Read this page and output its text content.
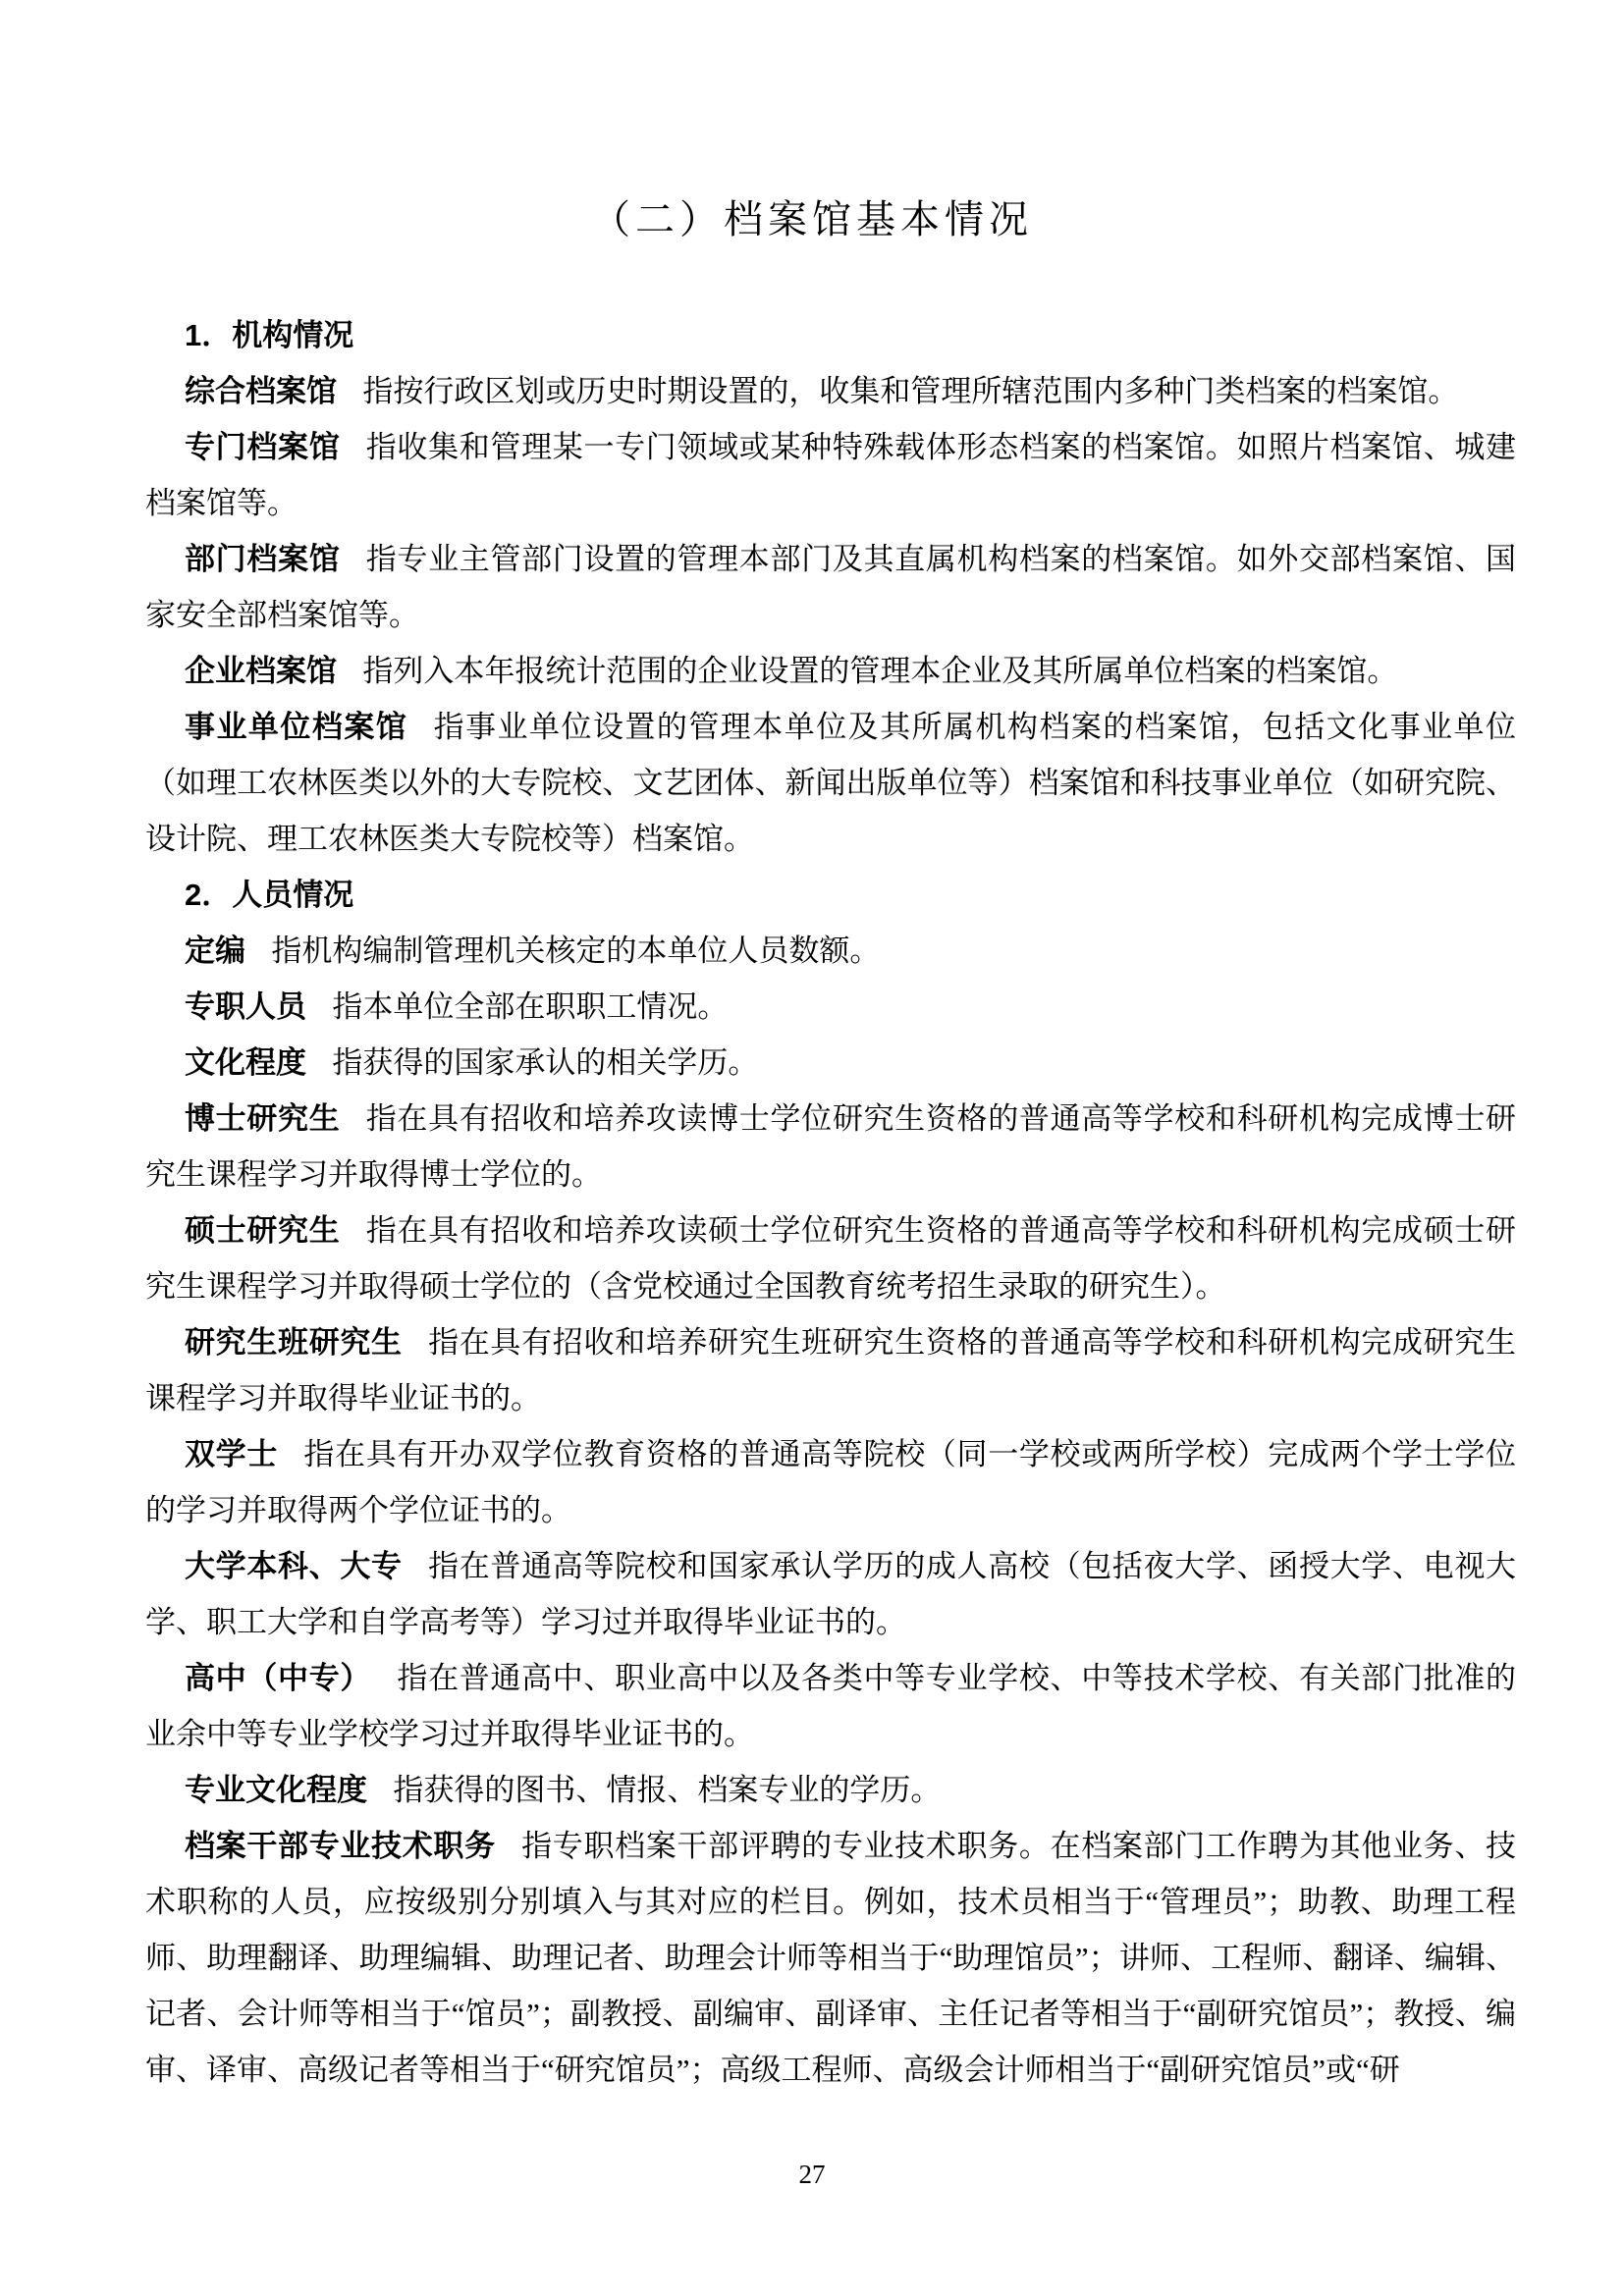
（二）档案馆基本情况
1．机构情况

综合档案馆 指按行政区划或历史时期设置的，收集和管理所辖范围内多种门类档案的档案馆。

专门档案馆 指收集和管理某一专门领域或某种特殊载体形态档案的档案馆。如照片档案馆、城建档案馆等。

部门档案馆 指专业主管部门设置的管理本部门及其直属机构档案的档案馆。如外交部档案馆、国家安全部档案馆等。

企业档案馆 指列入本年报统计范围的企业设置的管理本企业及其所属单位档案的档案馆。

事业单位档案馆 指事业单位设置的管理本单位及其所属机构档案的档案馆，包括文化事业单位（如理工农林医类以外的大专院校、文艺团体、新闻出版单位等）档案馆和科技事业单位（如研究院、设计院、理工农林医类大专院校等）档案馆。

2．人员情况

定编 指机构编制管理机关核定的本单位人员数额。

专职人员 指本单位全部在职职工情况。

文化程度 指获得的国家承认的相关学历。

博士研究生 指在具有招收和培养攻读博士学位研究生资格的普通高等学校和科研机构完成博士研究生课程学习并取得博士学位的。

硕士研究生 指在具有招收和培养攻读硕士学位研究生资格的普通高等学校和科研机构完成硕士研究生课程学习并取得硕士学位的（含党校通过全国教育统考招生录取的研究生）。

研究生班研究生 指在具有招收和培养研究生班研究生资格的普通高等学校和科研机构完成研究生课程学习并取得毕业证书的。

双学士 指在具有开办双学位教育资格的普通高等院校（同一学校或两所学校）完成两个学士学位的学习并取得两个学位证书的。

大学本科、大专 指在普通高等院校和国家承认学历的成人高校（包括夜大学、函授大学、电视大学、职工大学和自学高考等）学习过并取得毕业证书的。

高中（中专） 指在普通高中、职业高中以及各类中等专业学校、中等技术学校、有关部门批准的业余中等专业学校学习过并取得毕业证书的。

专业文化程度 指获得的图书、情报、档案专业的学历。

档案干部专业技术职务 指专职档案干部评聘的专业技术职务。在档案部门工作聘为其他业务、技术职称的人员，应按级别分别填入与其对应的栏目。例如，技术员相当于“管理员”；助教、助理工程师、助理翻译、助理编辑、助理记者、助理会计师等相当于“助理馆员”；讲师、工程师、翻译、编辑、记者、会计师等相当于“馆员”；副教授、副编审、副译审、主任记者等相当于“副研究馆员”；教授、编审、译审、高级记者等相当于“研究馆员”；高级工程师、高级会计师相当于“副研究馆员”或“研

27
